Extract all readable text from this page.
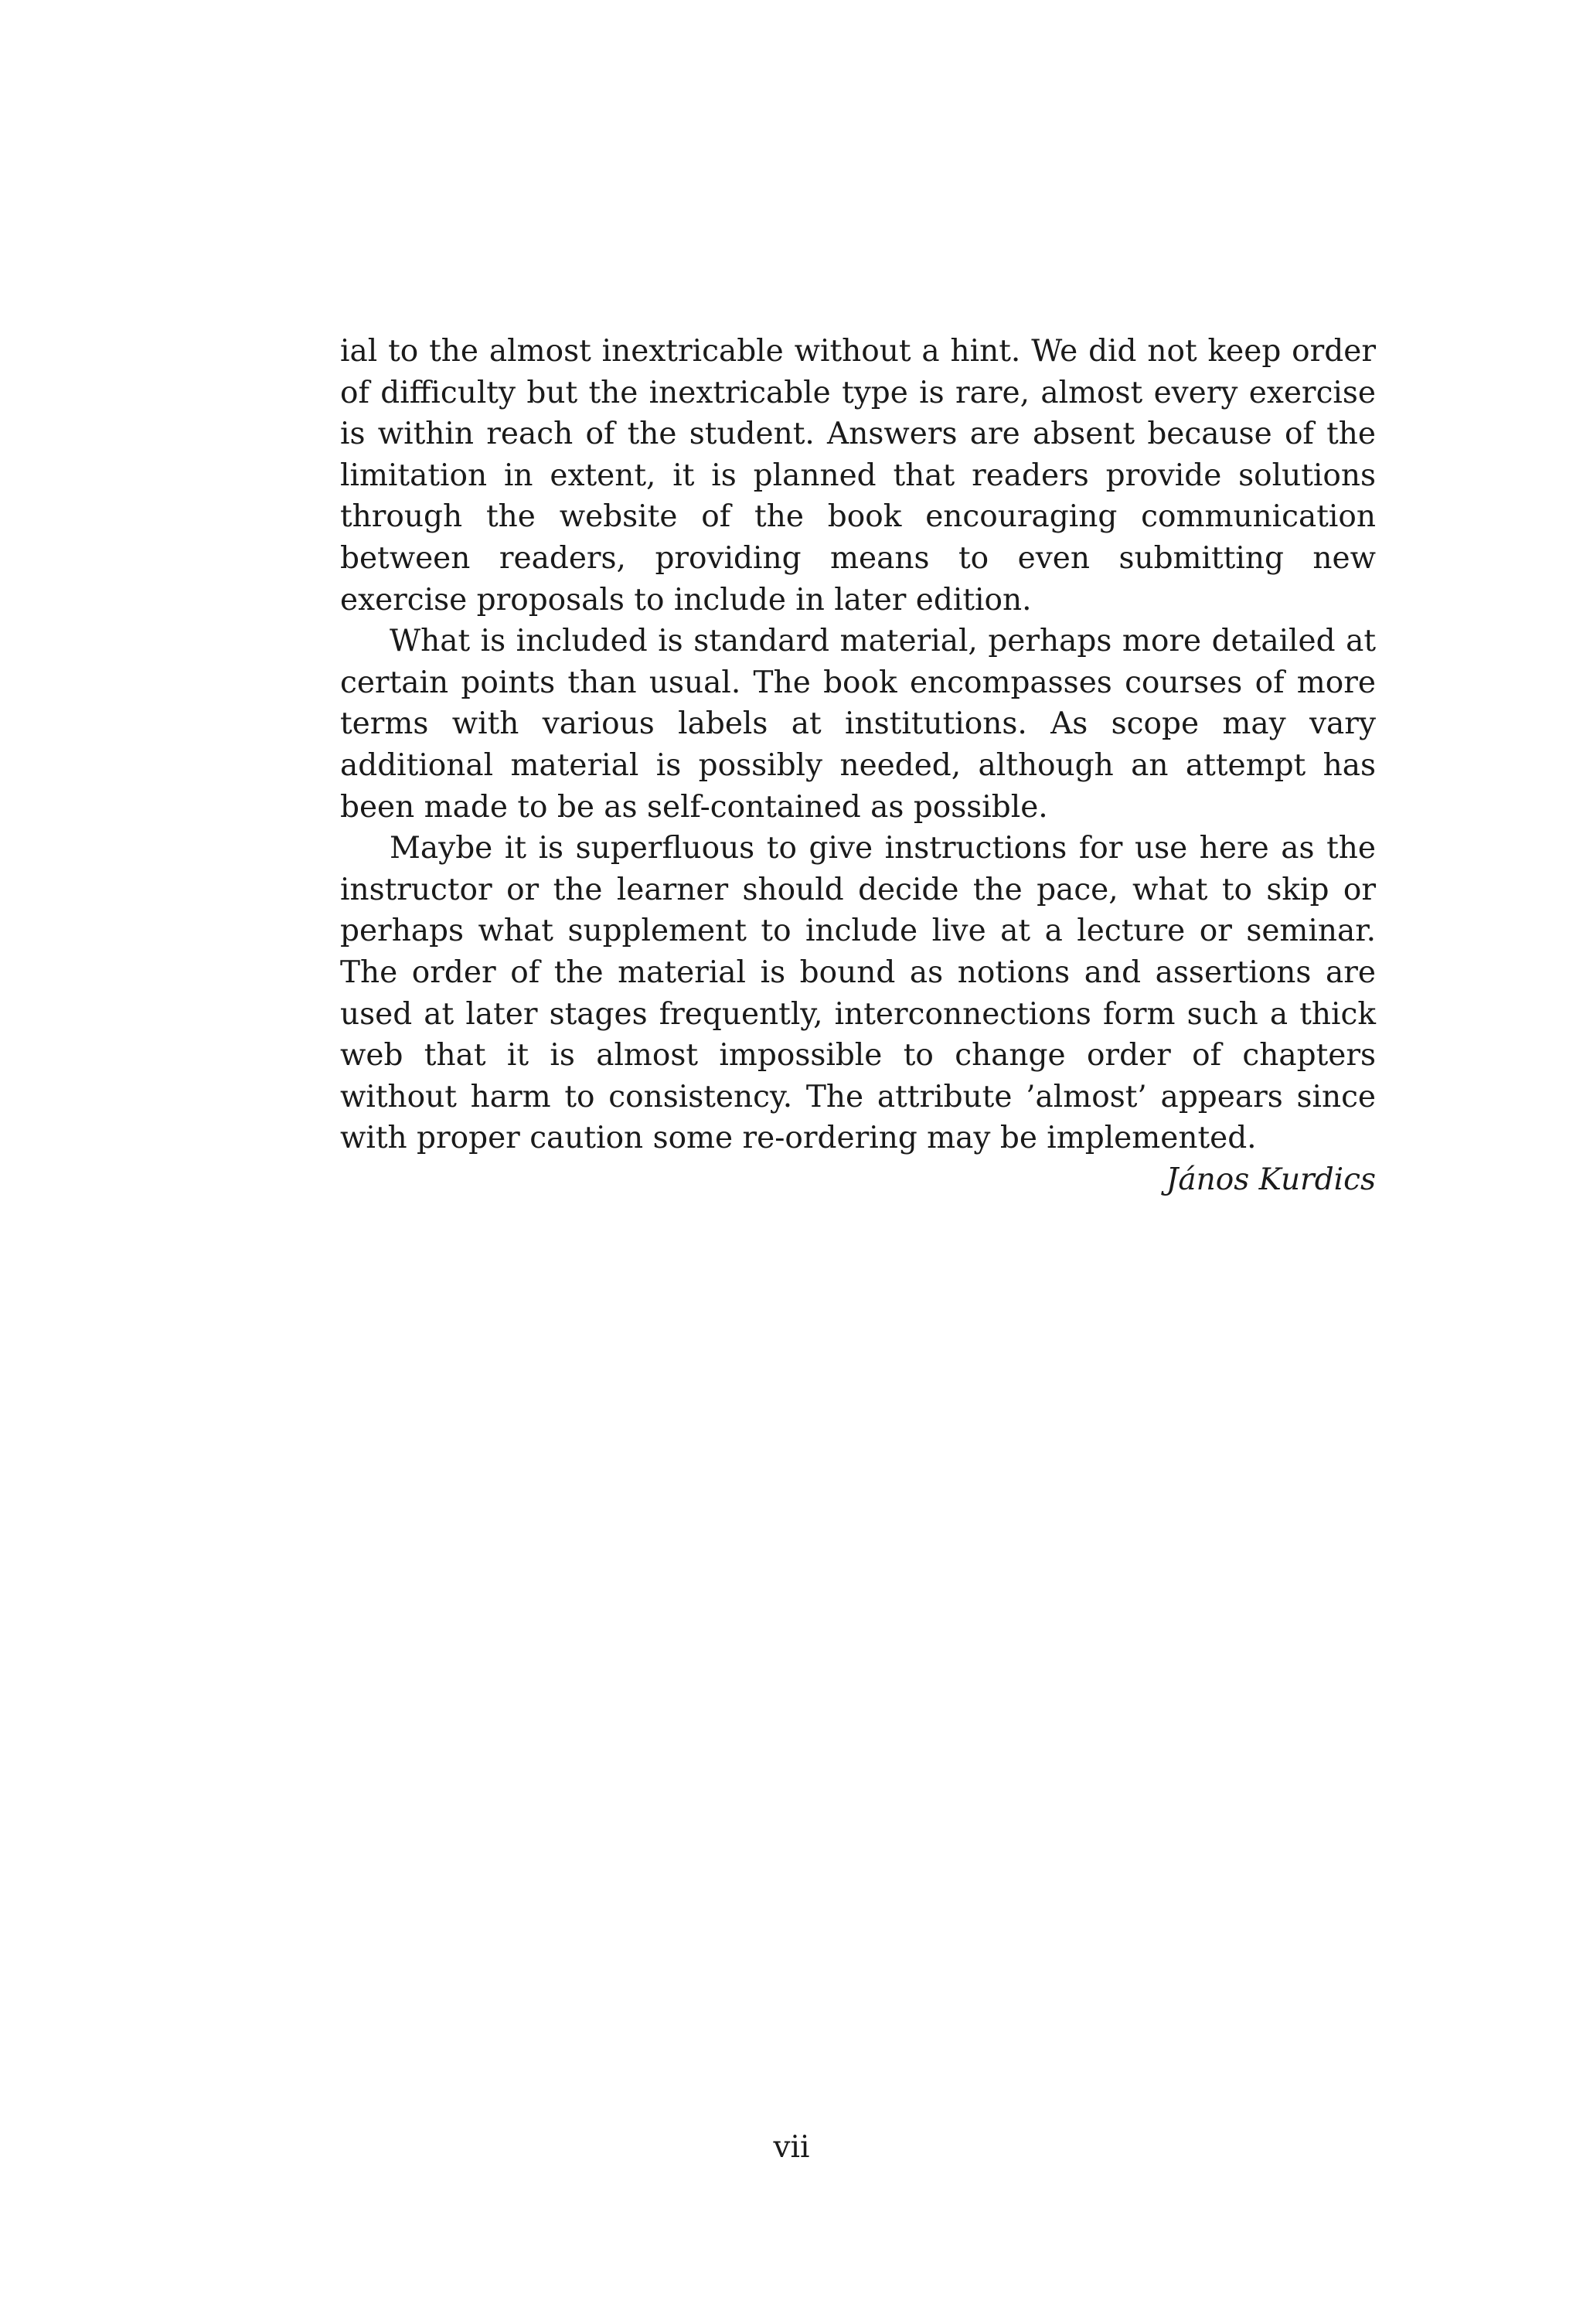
ial to the almost inextricable without a hint. We did not keep order of difficulty but the inextricable type is rare, almost every exercise is within reach of the student. Answers are absent because of the limitation in extent, it is planned that readers provide solutions through the website of the book encouraging communication between readers, providing means to even submitting new exercise proposals to include in later edition.

What is included is standard material, perhaps more detailed at certain points than usual. The book encompasses courses of more terms with various labels at institutions. As scope may vary additional material is possibly needed, although an attempt has been made to be as self-contained as possible.

Maybe it is superfluous to give instructions for use here as the instructor or the learner should decide the pace, what to skip or perhaps what supplement to include live at a lecture or seminar. The order of the material is bound as notions and assertions are used at later stages frequently, interconnections form such a thick web that it is almost impossible to change order of chapters without harm to consistency. The attribute ’almost’ appears since with proper caution some re-ordering may be implemented.

János Kurdics
vii
